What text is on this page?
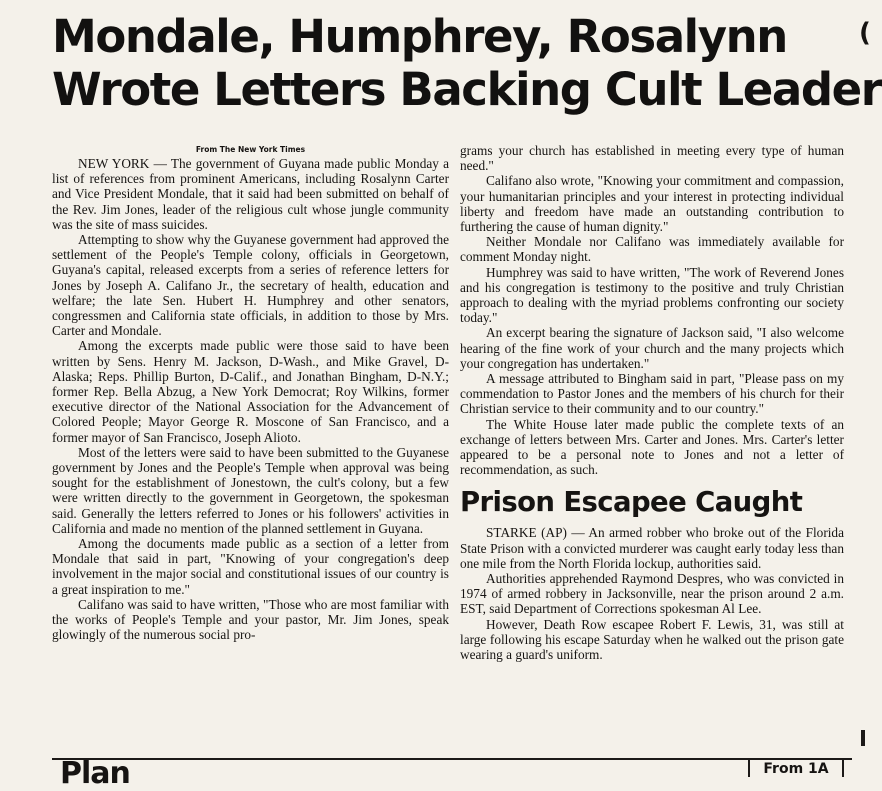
Mondale, Humphrey, Rosalynn
Wrote Letters Backing Cult Leader
From The New York Times

NEW YORK — The government of Guyana made public Monday a list of references from prominent Americans, including Rosalynn Carter and Vice President Mondale, that it said had been submitted on behalf of the Rev. Jim Jones, leader of the religious cult whose jungle community was the site of mass suicides.

Attempting to show why the Guyanese government had approved the settlement of the People's Temple colony, officials in Georgetown, Guyana's capital, released excerpts from a series of reference letters for Jones by Joseph A. Califano Jr., the secretary of health, education and welfare; the late Sen. Hubert H. Humphrey and other senators, congressmen and California state officials, in addition to those by Mrs. Carter and Mondale.

Among the excerpts made public were those said to have been written by Sens. Henry M. Jackson, D-Wash., and Mike Gravel, D-Alaska; Reps. Phillip Burton, D-Calif., and Jonathan Bingham, D-N.Y.; former Rep. Bella Abzug, a New York Democrat; Roy Wilkins, former executive director of the National Association for the Advancement of Colored People; Mayor George R. Moscone of San Francisco, and a former mayor of San Francisco, Joseph Alioto.

Most of the letters were said to have been submitted to the Guyanese government by Jones and the People's Temple when approval was being sought for the establishment of Jonestown, the cult's colony, but a few were written directly to the government in Georgetown, the spokesman said. Generally the letters referred to Jones or his followers' activities in California and made no mention of the planned settlement in Guyana.

Among the documents made public as a section of a letter from Mondale that said in part, "Knowing of your congregation's deep involvement in the major social and constitutional issues of our country is a great inspiration to me."

Califano was said to have written, "Those who are most familiar with the works of People's Temple and your pastor, Mr. Jim Jones, speak glowingly of the numerous social pro-

grams your church has established in meeting every type of human need."

Califano also wrote, "Knowing your commitment and compassion, your humanitarian principles and your interest in protecting individual liberty and freedom have made an outstanding contribution to furthering the cause of human dignity."

Neither Mondale nor Califano was immediately available for comment Monday night.

Humphrey was said to have written, "The work of Reverend Jones and his congregation is testimony to the positive and truly Christian approach to dealing with the myriad problems confronting our society today."

An excerpt bearing the signature of Jackson said, "I also welcome hearing of the fine work of your church and the many projects which your congregation has undertaken."

A message attributed to Bingham said in part, "Please pass on my commendation to Pastor Jones and the members of his church for their Christian service to their community and to our country."

The White House later made public the complete texts of an exchange of letters between Mrs. Carter and Jones. Mrs. Carter's letter appeared to be a personal note to Jones and not a letter of recommendation, as such.

Prison Escapee Caught

STARKE (AP) — An armed robber who broke out of the Florida State Prison with a convicted murderer was caught early today less than one mile from the North Florida lockup, authorities said.

Authorities apprehended Raymond Despres, who was convicted in 1974 of armed robbery in Jacksonville, near the prison around 2 a.m. EST, said Department of Corrections spokesman Al Lee.

However, Death Row escapee Robert F. Lewis, 31, was still at large following his escape Saturday when he walked out the prison gate wearing a guard's uniform.

Plan	From 1A
(
